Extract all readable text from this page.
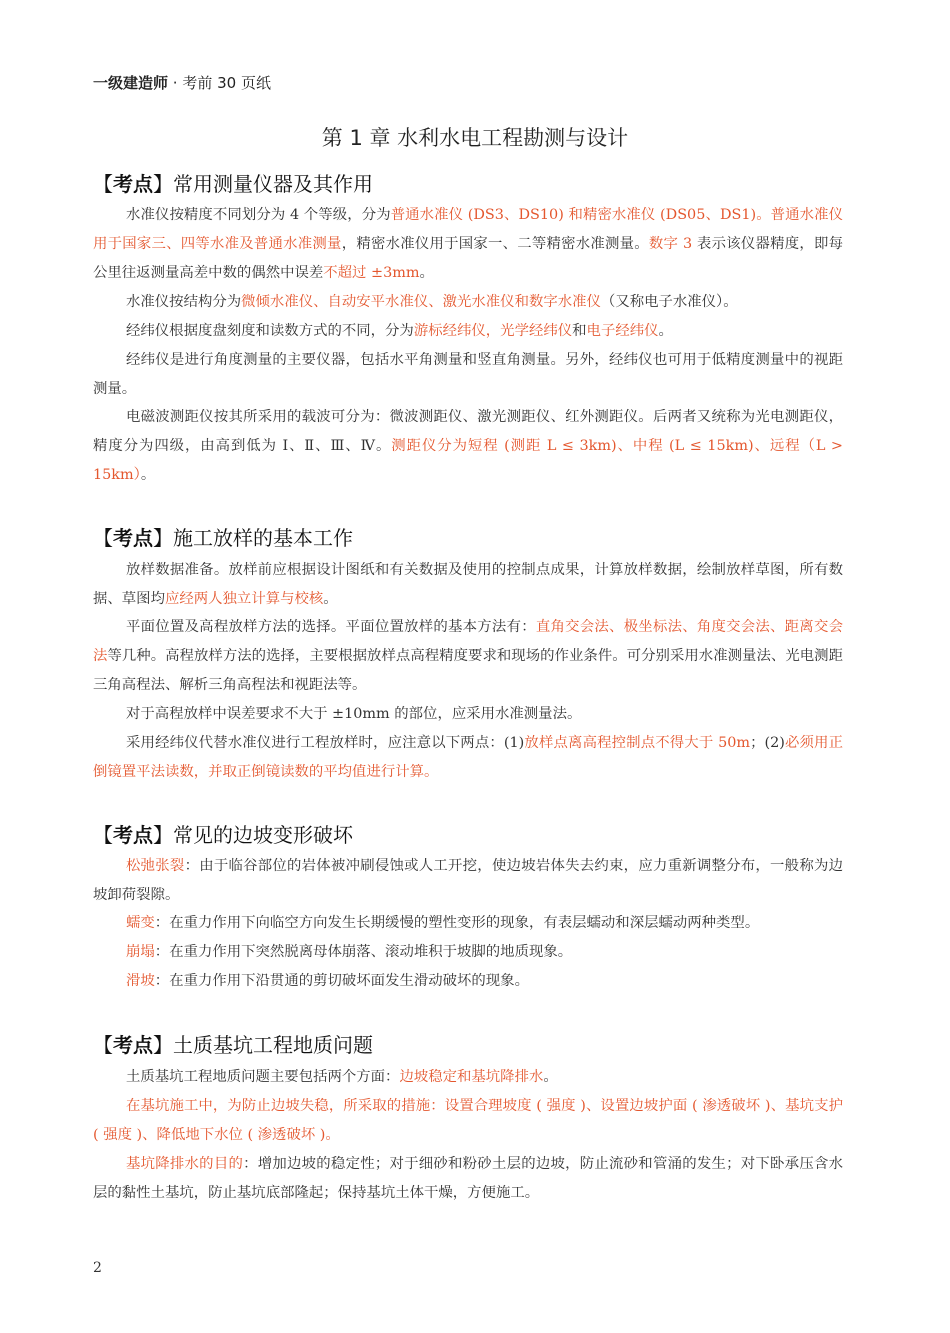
一级建造师 · 考前 30 页纸
第 1 章 水利水电工程勘测与设计
【考点】常用测量仪器及其作用

水准仪按精度不同划分为 4 个等级，分为普通水准仪 (DS3、DS10) 和精密水准仪 (DS05、DS1)。普通水准仪用于国家三、四等水准及普通水准测量，精密水准仪用于国家一、二等精密水准测量。数字 3 表示该仪器精度，即每公里往返测量高差中数的偶然中误差不超过 ±3mm。

水准仪按结构分为微倾水准仪、自动安平水准仪、激光水准仪和数字水准仪（又称电子水准仪）。

经纬仪根据度盘刻度和读数方式的不同，分为游标经纬仪，光学经纬仪和电子经纬仪。

经纬仪是进行角度测量的主要仪器，包括水平角测量和竖直角测量。另外，经纬仪也可用于低精度测量中的视距测量。

电磁波测距仪按其所采用的载波可分为：微波测距仪、激光测距仪、红外测距仪。后两者又统称为光电测距仪，精度分为四级，由高到低为 Ⅰ、Ⅱ、Ⅲ、Ⅳ。测距仪分为短程 (测距 L ≤ 3km)、中程 (L ≤ 15km)、远程（L > 15km）。

【考点】施工放样的基本工作

放样数据准备。放样前应根据设计图纸和有关数据及使用的控制点成果，计算放样数据，绘制放样草图，所有数据、草图均应经两人独立计算与校核。

平面位置及高程放样方法的选择。平面位置放样的基本方法有：直角交会法、极坐标法、角度交会法、距离交会法等几种。高程放样方法的选择，主要根据放样点高程精度要求和现场的作业条件。可分别采用水准测量法、光电测距三角高程法、解析三角高程法和视距法等。

对于高程放样中误差要求不大于 ±10mm 的部位，应采用水准测量法。

采用经纬仪代替水准仪进行工程放样时，应注意以下两点：(1)放样点离高程控制点不得大于 50m；(2)必须用正倒镜置平法读数，并取正倒镜读数的平均值进行计算。

【考点】常见的边坡变形破坏

松弛张裂：由于临谷部位的岩体被冲刷侵蚀或人工开挖，使边坡岩体失去约束，应力重新调整分布，一般称为边坡卸荷裂隙。

蠕变：在重力作用下向临空方向发生长期缓慢的塑性变形的现象，有表层蠕动和深层蠕动两种类型。

崩塌：在重力作用下突然脱离母体崩落、滚动堆积于坡脚的地质现象。

滑坡：在重力作用下沿贯通的剪切破坏面发生滑动破坏的现象。

【考点】土质基坑工程地质问题

土质基坑工程地质问题主要包括两个方面：边坡稳定和基坑降排水。

在基坑施工中，为防止边坡失稳，所采取的措施：设置合理坡度 ( 强度 )、设置边坡护面 ( 渗透破坏 )、基坑支护 ( 强度 )、降低地下水位 ( 渗透破坏 )。

基坑降排水的目的：增加边坡的稳定性；对于细砂和粉砂土层的边坡，防止流砂和管涌的发生；对下卧承压含水层的黏性土基坑，防止基坑底部隆起；保持基坑土体干燥，方便施工。

2
